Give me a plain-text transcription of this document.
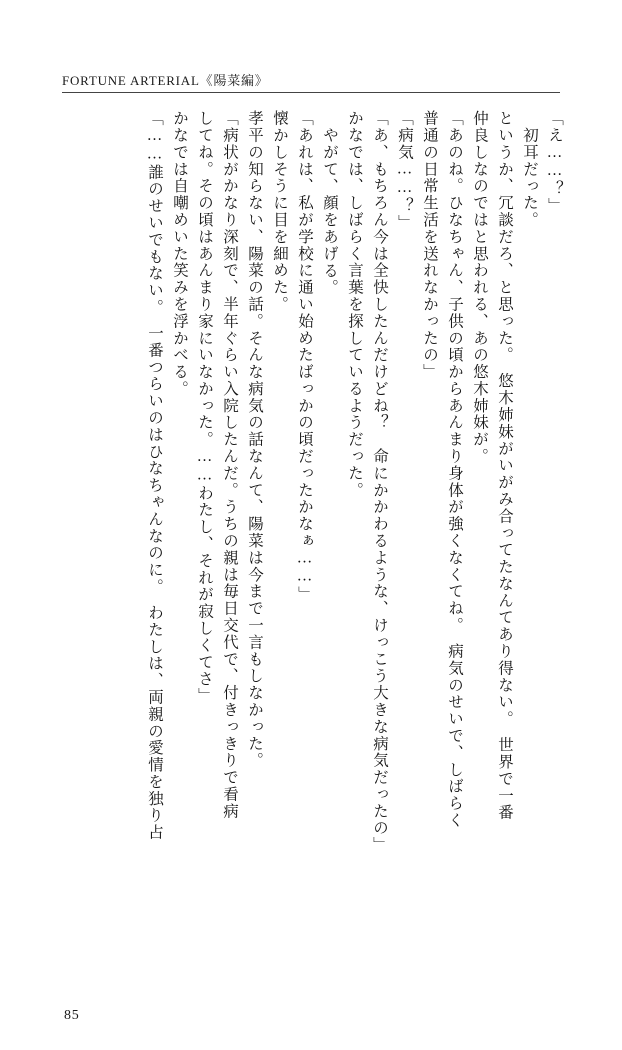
FORTUNE ARTERIAL《陽菜編》
「え……？」
初耳だった。
というか、冗談だろ、と思った。　悠木姉妹がいがみ合ってたなんてあり得ない。　世界で一番
仲良しなのではと思われる、あの悠木姉妹が。
「あのね。ひなちゃん、子供の頃からあんまり身体が強くなくてね。　病気のせいで、しばらく
普通の日常生活を送れなかったの」
「病気……？」
「あ、もちろん今は全快したんだけどね？　命にかかわるような、けっこう大きな病気だったの」
かなでは、しばらく言葉を探しているようだった。
やがて、顔をあげる。
「あれは、私が学校に通い始めたばっかの頃だったかなぁ……」
懐かしそうに目を細めた。
孝平の知らない、陽菜の話。そんな病気の話なんて、陽菜は今まで一言もしなかった。
「病状がかなり深刻で、半年ぐらい入院したんだ。うちの親は毎日交代で、付きっきりで看病
してね。その頃はあんまり家にいなかった。……わたし、それが寂しくてさ」
かなでは自嘲めいた笑みを浮かべる。
「……誰のせいでもない。　一番つらいのはひなちゃんなのに。　わたしは、両親の愛情を独り占
85
